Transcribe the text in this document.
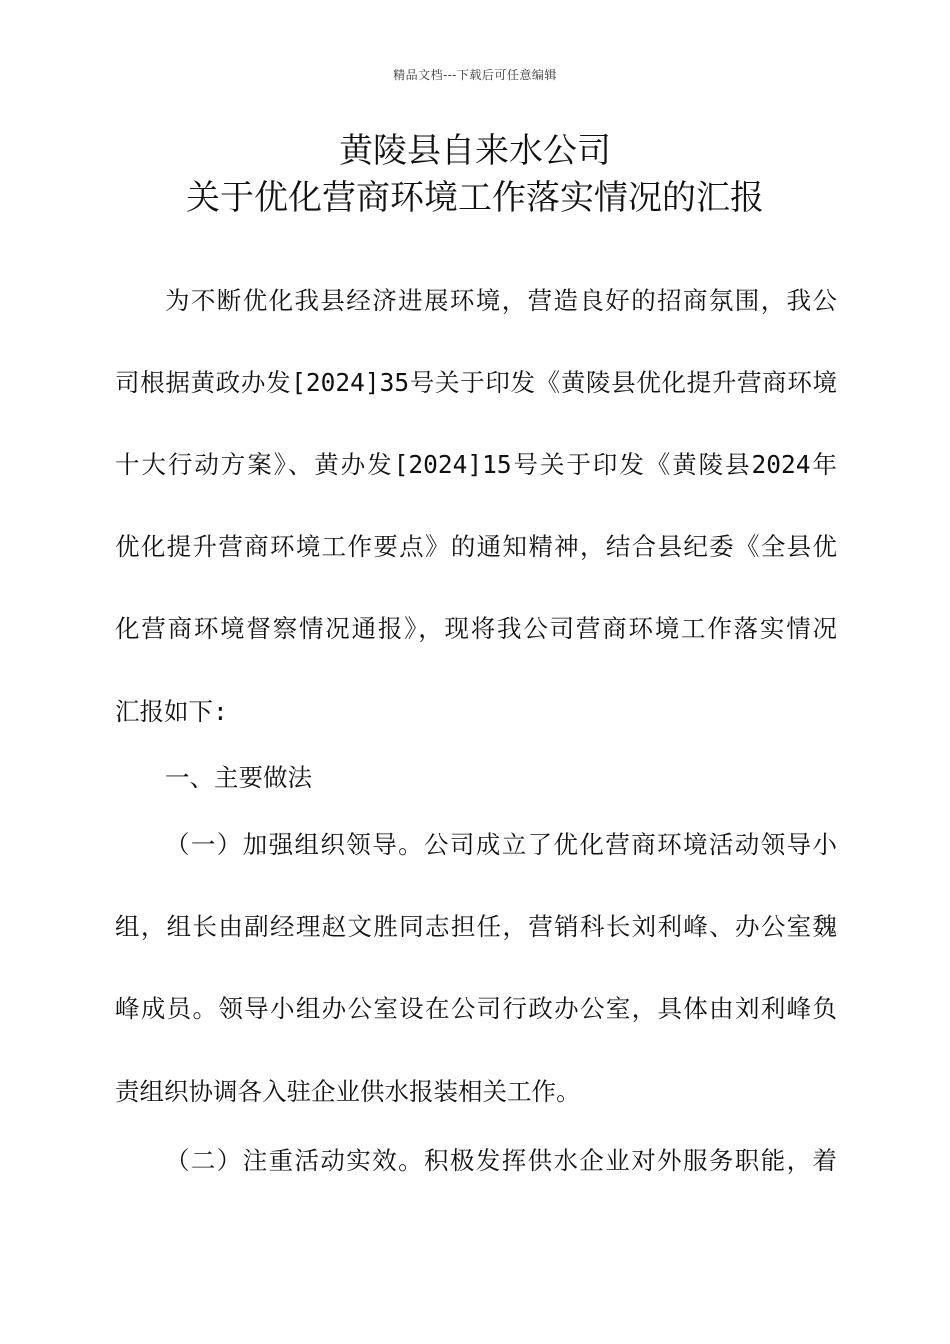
精品文档---下载后可任意编辑
黄陵县自来水公司
关于优化营商环境工作落实情况的汇报
为不断优化我县经济进展环境，营造良好的招商氛围，我公
司根据黄政办发[2024]35号关于印发《黄陵县优化提升营商环境
十大行动方案》、黄办发[2024]15号关于印发《黄陵县2024年
优化提升营商环境工作要点》的通知精神，结合县纪委《全县优
化营商环境督察情况通报》，现将我公司营商环境工作落实情况
汇报如下:
一、主要做法
（一）加强组织领导。公司成立了优化营商环境活动领导小
组，组长由副经理赵文胜同志担任，营销科长刘利峰、办公室魏
峰成员。领导小组办公室设在公司行政办公室，具体由刘利峰负
责组织协调各入驻企业供水报装相关工作。
（二）注重活动实效。积极发挥供水企业对外服务职能，着
